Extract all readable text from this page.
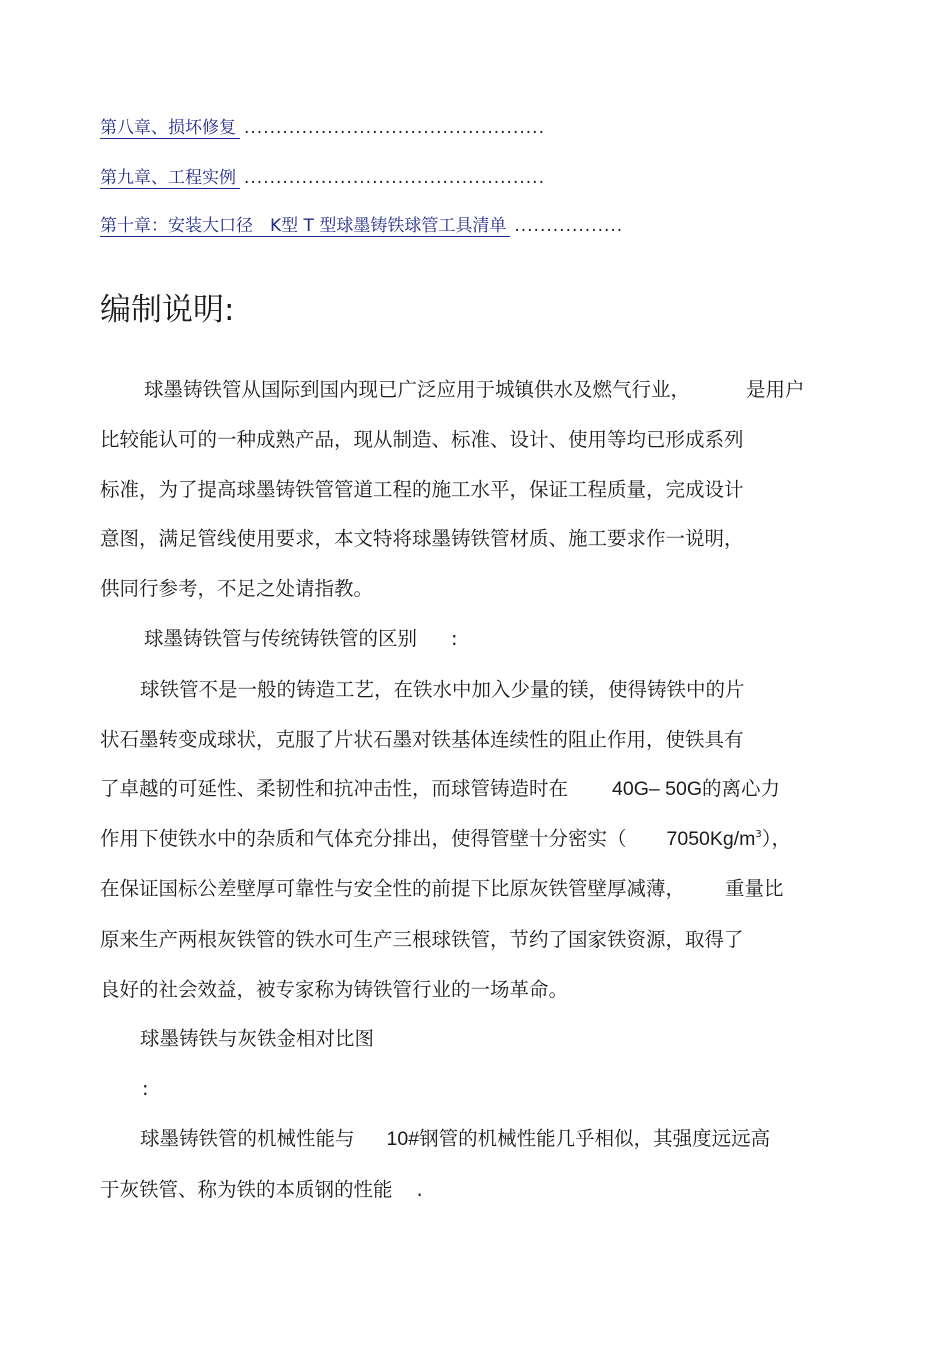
第八章、损坏修复 ...............................................
第九章、工程实例 ...............................................
第十章：安装大口径　K型 T 型球墨铸铁球管工具清单 .................
编制说明:
球墨铸铁管从国际到国内现已广泛应用于城镇供水及燃气行业，	是用户
比较能认可的一种成熟产品，现从制造、标准、设计、使用等均已形成系列
标准，为了提高球墨铸铁管管道工程的施工水平，保证工程质量，完成设计
意图，满足管线使用要求，本文特将球墨铸铁管材质、施工要求作一说明，
供同行参考，不足之处请指教。
球墨铸铁管与传统铸铁管的区别 :
球铁管不是一般的铸造工艺，在铁水中加入少量的镁，使得铸铁中的片
状石墨转变成球状，克服了片状石墨对铁基体连续性的阻止作用，使铁具有
了卓越的可延性、柔韧性和抗冲击性，而球管铸造时在 40G– 50G的离心力
作用下使铁水中的杂质和气体充分排出，使得管壁十分密实（ $7050Kg/m^3$），
在保证国标公差壁厚可靠性与安全性的前提下比原灰铁管壁厚减薄， 重量比
原来生产两根灰铁管的铁水可生产三根球铁管，节约了国家铁资源，取得了
良好的社会效益，被专家称为铸铁管行业的一场革命。
球墨铸铁与灰铁金相对比图
:
球墨铸铁管的机械性能与 10#钢管的机械性能几乎相似，其强度远远高
于灰铁管、称为铁的本质钢的性能 .
